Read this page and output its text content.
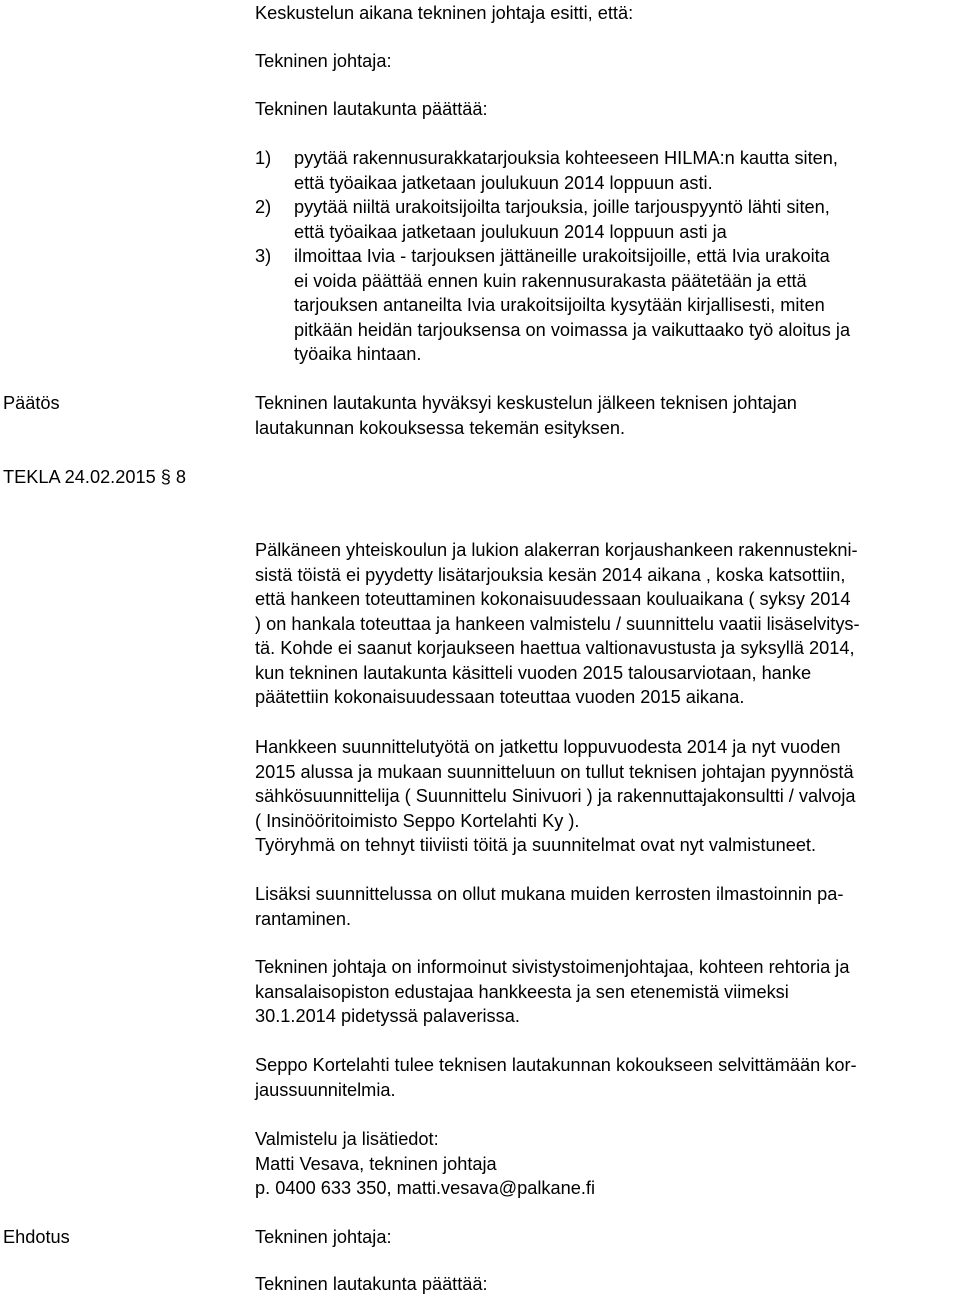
Keskustelun aikana tekninen johtaja esitti, että:

Tekninen johtaja:

Tekninen lautakunta päättää:

1) pyytää rakennusurakkatarjouksia kohteeseen HILMA:n kautta siten,
että työaikaa jatketaan joulukuun 2014 loppuun asti.
2) pyytää niiltä urakoitsijoilta tarjouksia, joille tarjouspyyntö lähti siten,
että työaikaa jatketaan joulukuun 2014 loppuun asti ja
3) ilmoittaa Ivia - tarjouksen jättäneille urakoitsijoille, että Ivia urakoita
ei voida päättää ennen kuin rakennusurakasta päätetään ja että
tarjouksen antaneilta Ivia urakoitsijoilta kysytään kirjallisesti, miten
pitkään heidän tarjouksensa on voimassa ja vaikuttaako työ aloitus ja
työaika hintaan.
Päätös	Tekninen lautakunta hyväksyi keskustelun jälkeen teknisen johtajan
lautakunnan kokouksessa tekemän esityksen.

TEKLA 24.02.2015 § 8

Pälkäneen yhteiskoulun ja lukion alakerran korjaushankeen rakennustekni-
sistä töistä ei pyydetty lisätarjouksia kesän 2014 aikana , koska katsottiin,
että hankeen toteuttaminen kokonaisuudessaan kouluaikana ( syksy 2014
) on hankala toteuttaa ja hankeen valmistelu / suunnittelu vaatii lisäselvitys-
tä. Kohde ei saanut korjaukseen haettua valtionavustusta ja syksyllä 2014,
kun tekninen lautakunta käsitteli vuoden 2015 talousarviotaan, hanke
päätettiin kokonaisuudessaan toteuttaa vuoden 2015 aikana.

Hankkeen suunnittelutyötä on jatkettu loppuvuodesta 2014 ja nyt vuoden
2015 alussa ja mukaan suunnitteluun on tullut teknisen johtajan pyynnöstä
sähkösuunnittelija ( Suunnittelu Sinivuori ) ja rakennuttajakonsultti / valvoja
( Insinööritoimisto Seppo Kortelahti Ky ).
Työryhmä on tehnyt tiiviisti töitä ja suunnitelmat ovat nyt valmistuneet.

Lisäksi suunnittelussa on ollut mukana muiden kerrosten ilmastoinnin pa-
rantaminen.

Tekninen johtaja on informoinut sivistystoimenjohtajaa, kohteen rehtoria ja
kansalaisopiston edustajaa hankkeesta ja sen etenemistä viimeksi
30.1.2014 pidetyssä palaverissa.

Seppo Kortelahti tulee teknisen lautakunnan kokoukseen selvittämään kor-
jaussuunnitelmia.

Valmistelu ja lisätiedot:
Matti Vesava, tekninen johtaja
p. 0400 633 350, matti.vesava@palkane.fi

Ehdotus	Tekninen johtaja:

Tekninen lautakunta päättää:
